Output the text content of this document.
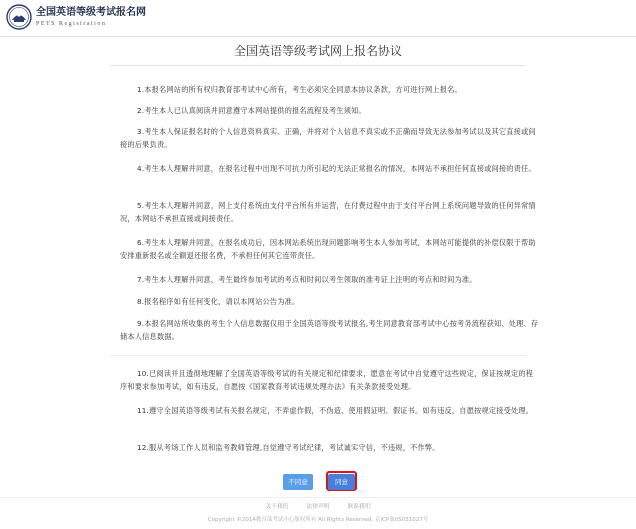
全国英语等级考试报名网
PETS Registration
全国英语等级考试网上报名协议
1.本报名网站的所有权归教育部考试中心所有，考生必须完全同意本协议条款，方可进行网上报名。
2.考生本人已认真阅读并同意遵守本网站提供的报名流程及考生须知。
3.考生本人保证报名时的个人信息资料真实、正确，并将对个人信息不真实或不正确而导致无法参加考试以及其它直接或间接的后果负责。
4.考生本人理解并同意，在报名过程中出现不可抗力所引起的无法正常报名的情况，本网站不承担任何直接或间接的责任。
5.考生本人理解并同意，网上支付系统由支付平台所有并运营，在付费过程中由于支付平台网上系统问题导致的任何异常情况，本网站不承担直接或间接责任。
6.考生本人理解并同意，在报名成功后，因本网站系统出现问题影响考生本人参加考试，本网站可能提供的补偿仅限于帮助安排重新报名或全额退还报名费，不承担任何其它连带责任。
7.考生本人理解并同意，考生最终参加考试的考点和时间以考生领取的准考证上注明的考点和时间为准。
8.报名程序如有任何变化，请以本网站公告为准。
9.本报名网站所收集的考生个人信息数据仅用于全国英语等级考试报名,考生同意教育部考试中心按考务流程获知、处理、存储本人信息数据。
10.已阅读并且透彻地理解了全国英语等级考试的有关规定和纪律要求，愿意在考试中自觉遵守这些规定，保证按规定的程序和要求参加考试，如有违反，自愿按《国家教育考试违规处理办法》有关条款接受处理。
11.遵守全国英语等级考试有关报名规定，不弄虚作假，不伪造、使用假证明、假证书。如有违反，自愿按规定接受处理。
12.服从考场工作人员和监考教师管理,自觉遵守考试纪律，考试诚实守信，不违规，不作弊。
不同意	同意
关于我们	法律声明	联系我们
Copyright ©2014教育部考试中心版权所有 All Rights Reserved. 京ICP备05031027号
